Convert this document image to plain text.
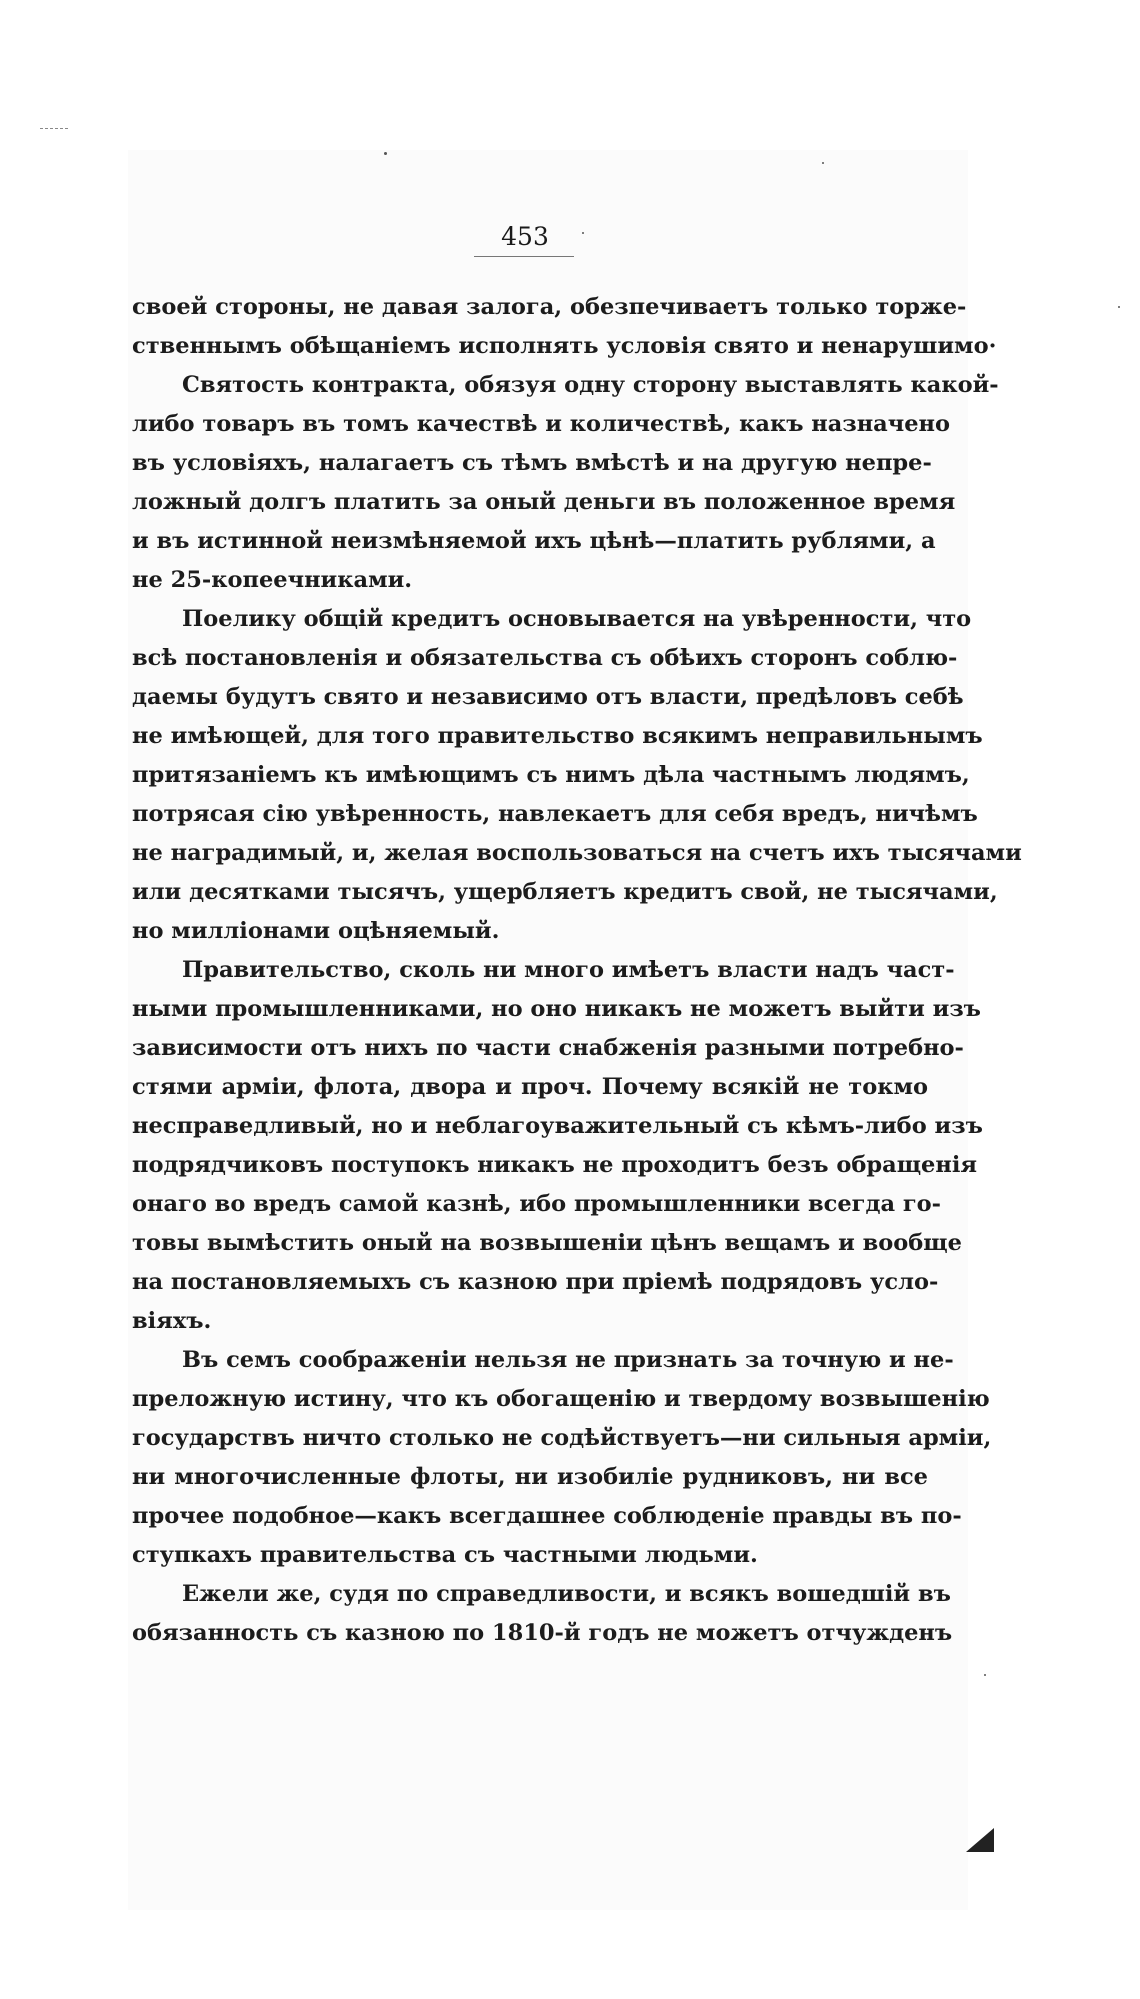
453
своей стороны, не давая залога, обезпечиваетъ только торже-
ственнымъ обѣщаніемъ исполнять условія свято и ненарушимо·
Святость контракта, обязуя одну сторону выставлять какой-
либо товаръ въ томъ качествѣ и количествѣ, какъ назначено
въ условіяхъ, налагаетъ съ тѣмъ вмѣстѣ и на другую непре-
ложный долгъ платить за оный деньги въ положенное время
и въ истинной неизмѣняемой ихъ цѣнѣ—платить рублями, а
не 25-копеечниками.
Поелику общій кредитъ основывается на увѣренности, что
всѣ постановленія и обязательства съ обѣихъ сторонъ соблю-
даемы будутъ свято и независимо отъ власти, предѣловъ себѣ
не имѣющей, для того правительство всякимъ неправильнымъ
притязаніемъ къ имѣющимъ съ нимъ дѣла частнымъ людямъ,
потрясая сію увѣренность, навлекаетъ для себя вредъ, ничѣмъ
не наградимый, и, желая воспользоваться на счетъ ихъ тысячами
или десятками тысячъ, ущербляетъ кредитъ свой, не тысячами,
но милліонами оцѣняемый.
Правительство, сколь ни много имѣетъ власти надъ част-
ными промышленниками, но оно никакъ не можетъ выйти изъ
зависимости отъ нихъ по части снабженія разными потребно-
стями арміи, флота, двора и проч. Почему всякій не токмо
несправедливый, но и неблагоуважительный съ кѣмъ-либо изъ
подрядчиковъ поступокъ никакъ не проходитъ безъ обращенія
онаго во вредъ самой казнѣ, ибо промышленники всегда го-
товы вымѣстить оный на возвышеніи цѣнъ вещамъ и вообще
на постановляемыхъ съ казною при пріемѣ подрядовъ усло-
віяхъ.
Въ семъ соображеніи нельзя не признать за точную и не-
преложную истину, что къ обогащенію и твердому возвышенію
государствъ ничто столько не содѣйствуетъ—ни сильныя арміи,
ни многочисленные флоты, ни изобиліе рудниковъ, ни все
прочее подобное—какъ всегдашнее соблюденіе правды въ по-
ступкахъ правительства съ частными людьми.
Ежели же, судя по справедливости, и всякъ вошедшій въ
обязанность съ казною по 1810-й годъ не можетъ отчужденъ
